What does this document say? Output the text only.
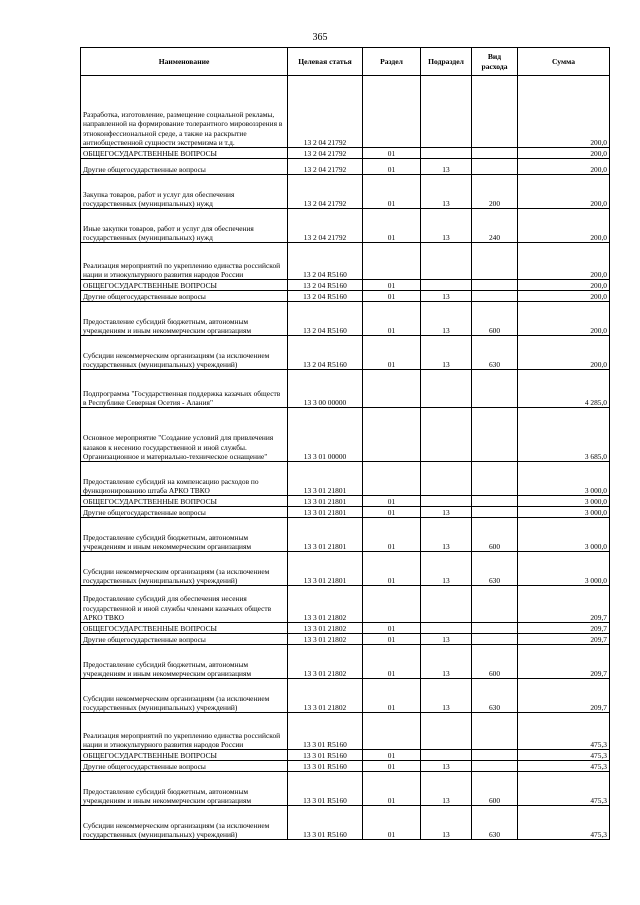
365
Наименование	Целевая статья	Раздел	Подраздел	Вид расхода	Сумма
Разработка, изготовление, размещение социальной рекламы, направленной на формирование толерантного мировоззрения в этноконфессиональной среде, а также на раскрытие антиобщественной сущности экстремизма и т.д.	13 2 04 21792				200,0
ОБЩЕГОСУДАРСТВЕННЫЕ ВОПРОСЫ	13 2 04 21792	01			200,0
Другие общегосударственные вопросы	13 2 04 21792	01	13		200,0
Закупка товаров, работ и услуг для обеспечения государственных (муниципальных) нужд	13 2 04 21792	01	13	200	200,0
Иные закупки товаров, работ и услуг для обеспечения государственных (муниципальных) нужд	13 2 04 21792	01	13	240	200,0
Реализация мероприятий по укреплению единства российской нации и этнокультурного развития народов России	13 2 04 R5160				200,0
ОБЩЕГОСУДАРСТВЕННЫЕ ВОПРОСЫ	13 2 04 R5160	01			200,0
Другие общегосударственные вопросы	13 2 04 R5160	01	13		200,0
Предоставление субсидий бюджетным, автономным учреждениям и иным некоммерческим организациям	13 2 04 R5160	01	13	600	200,0
Субсидии некоммерческим организациям (за исключением государственных (муниципальных) учреждений)	13 2 04 R5160	01	13	630	200,0
Подпрограмма "Государственная поддержка казачьих обществ в Республике Северная Осетия - Алания"	13 3 00 00000				4 285,0
Основное мероприятие "Создание условий для привлечения казаков к несению государственной и иной службы. Организационное и материально-техническое оснащение"	13 3 01 00000				3 685,0
Предоставление субсидий на компенсацию расходов по функционированию штаба АРКО ТВКО	13 3 01 21801				3 000,0
ОБЩЕГОСУДАРСТВЕННЫЕ ВОПРОСЫ	13 3 01 21801	01			3 000,0
Другие общегосударственные вопросы	13 3 01 21801	01	13		3 000,0
Предоставление субсидий бюджетным, автономным учреждениям и иным некоммерческим организациям	13 3 01 21801	01	13	600	3 000,0
Субсидии некоммерческим организациям (за исключением государственных (муниципальных) учреждений)	13 3 01 21801	01	13	630	3 000,0
Предоставление субсидий для обеспечения несения государственной и иной службы членами казачьих обществ АРКО ТВКО	13 3 01 21802				209,7
ОБЩЕГОСУДАРСТВЕННЫЕ ВОПРОСЫ	13 3 01 21802	01			209,7
Другие общегосударственные вопросы	13 3 01 21802	01	13		209,7
Предоставление субсидий бюджетным, автономным учреждениям и иным некоммерческим организациям	13 3 01 21802	01	13	600	209,7
Субсидии некоммерческим организациям (за исключением государственных (муниципальных) учреждений)	13 3 01 21802	01	13	630	209,7
Реализация мероприятий по укреплению единства российской нации и этнокультурного развития народов России	13 3 01 R5160				475,3
ОБЩЕГОСУДАРСТВЕННЫЕ ВОПРОСЫ	13 3 01 R5160	01			475,3
Другие общегосударственные вопросы	13 3 01 R5160	01	13		475,3
Предоставление субсидий бюджетным, автономным учреждениям и иным некоммерческим организациям	13 3 01 R5160	01	13	600	475,3
Субсидии некоммерческим организациям (за исключением государственных (муниципальных) учреждений)	13 3 01 R5160	01	13	630	475,3
